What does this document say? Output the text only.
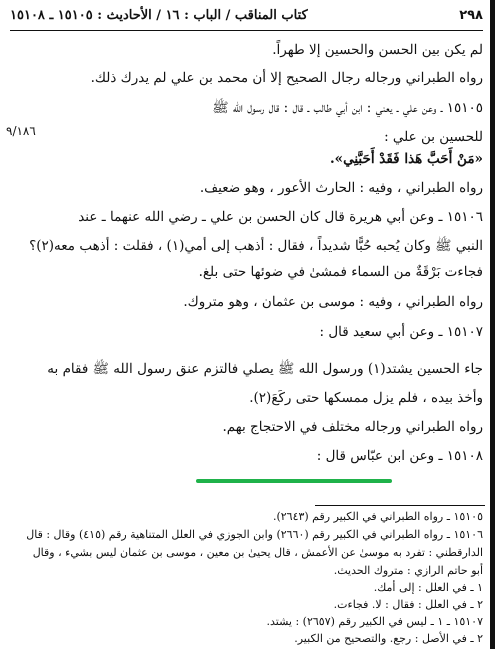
٢٩٨
كتاب المناقب / الباب : ١٦ / الأحاديث : ١٥١٠٥ ـ ١٥١٠٨
٩/١٨٦
لم يكن بين الحسن والحسين إلا طهراً.
رواه الطبراني ورجاله رجال الصحيح إلا أن محمد بن علي لم يدرك ذلك.
١٥١٠٥ ـ وعن علي ـ يعني : ابن أبي طالب ـ قال : قال رسول الله ﷺ
للحسين بن علي :
«مَنْ أَحَبَّ هَذا فَقَدْ أَحَبَّنِي».
رواه الطبراني ، وفيه : الحارث الأعور ، وهو ضعيف.
١٥١٠٦ ـ وعن أبي هريرة قال كان الحسن بن علي ـ رضي الله عنهما ـ عند
النبي ﷺ وكان يُحبه حُبًّا شديداً ، فقال : أذهب إلى أمي(١) ، فقلت : أذهب معه(٢)؟
فجاءت بَرْقَةٌ من السماء فمشىٰ في ضوئها حتى بلغ.
رواه الطبراني ، وفيه : موسى بن عثمان ، وهو متروك.
١٥١٠٧ ـ وعن أبي سعيد قال :
جاء الحسين يشتد(١) ورسول الله ﷺ يصلي فالتزم عنق رسول الله ﷺ فقام به
وأخذ بيده ، فلم يزل ممسكها حتى ركَعَ(٢).
رواه الطبراني ورجاله مختلف في الاحتجاج بهم.
١٥١٠٨ ـ وعن ابن عبّاس قال :
١٥١٠٥ ـ رواه الطبراني في الكبير رقم (٢٦٤٣).
١٥١٠٦ ـ رواه الطبراني في الكبير رقم (٢٦٦٠) وابن الجوزي في العلل المتناهية رقم (٤١٥) وقال : قال
الدارقطني : تفرد به موسىٰ عن الأعمش ، قال يحيىٰ بن معين ، موسى بن عثمان ليس بشيء ، وقال
أبو حاتم الرازي : متروك الحديث.
١ ـ في العلل : إلى أمك.
٢ ـ في العلل : فقال : لا. فجاءت.
١٥١٠٧ ـ ١ ـ ليس في الكبير رقم (٢٦٥٧) : يشتد.
٢ ـ في الأصل : رجع. والتصحيح من الكبير.
